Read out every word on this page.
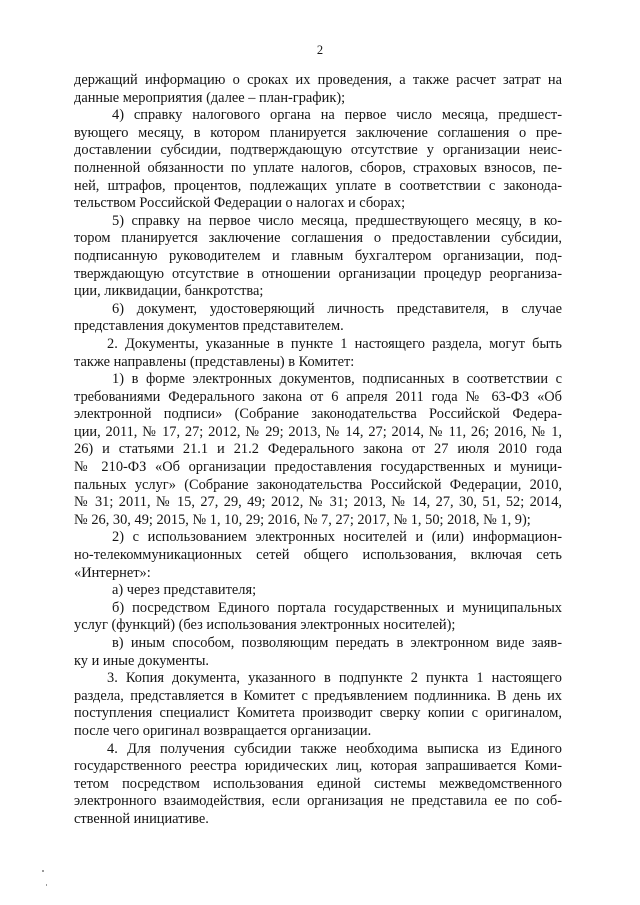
2
держащий информацию о сроках их проведения, а также расчет затрат на
данные мероприятия (далее – план-график);
4) справку налогового органа на первое число месяца, предшест-
вующего месяцу, в котором планируется заключение соглашения о пре-
доставлении субсидии, подтверждающую отсутствие у организации неис-
полненной обязанности по уплате налогов, сборов, страховых взносов, пе-
ней, штрафов, процентов, подлежащих уплате в соответствии с законода-
тельством Российской Федерации о налогах и сборах;
5) справку на первое число месяца, предшествующего месяцу, в ко-
тором планируется заключение соглашения о предоставлении субсидии,
подписанную руководителем и главным бухгалтером организации, под-
тверждающую отсутствие в отношении организации процедур реорганиза-
ции, ликвидации, банкротства;
6) документ, удостоверяющий личность представителя, в случае
представления документов представителем.
2. Документы, указанные в пункте 1 настоящего раздела, могут быть
также направлены (представлены) в Комитет:
1) в форме электронных документов, подписанных в соответствии с
требованиями Федерального закона от 6 апреля 2011 года № 63-ФЗ «Об
электронной подписи» (Собрание законодательства Российской Федера-
ции, 2011, № 17, 27; 2012, № 29; 2013, № 14, 27; 2014, № 11, 26; 2016, № 1,
26) и статьями 21.1 и 21.2 Федерального закона от 27 июля 2010 года
№ 210-ФЗ «Об организации предоставления государственных и муници-
пальных услуг» (Собрание законодательства Российской Федерации, 2010,
№ 31; 2011, № 15, 27, 29, 49; 2012, № 31; 2013, № 14, 27, 30, 51, 52; 2014,
№ 26, 30, 49; 2015, № 1, 10, 29; 2016, № 7, 27; 2017, № 1, 50; 2018, № 1, 9);
2) с использованием электронных носителей и (или) информацион-
но-телекоммуникационных сетей общего использования, включая сеть
«Интернет»:
а) через представителя;
б) посредством Единого портала государственных и муниципальных
услуг (функций) (без использования электронных носителей);
в) иным способом, позволяющим передать в электронном виде заяв-
ку и иные документы.
3. Копия документа, указанного в подпункте 2 пункта 1 настоящего
раздела, представляется в Комитет с предъявлением подлинника. В день их
поступления специалист Комитета производит сверку копии с оригиналом,
после чего оригинал возвращается организации.
4. Для получения субсидии также необходима выписка из Единого
государственного реестра юридических лиц, которая запрашивается Коми-
тетом посредством использования единой системы межведомственного
электронного взаимодействия, если организация не представила ее по соб-
ственной инициативе.
